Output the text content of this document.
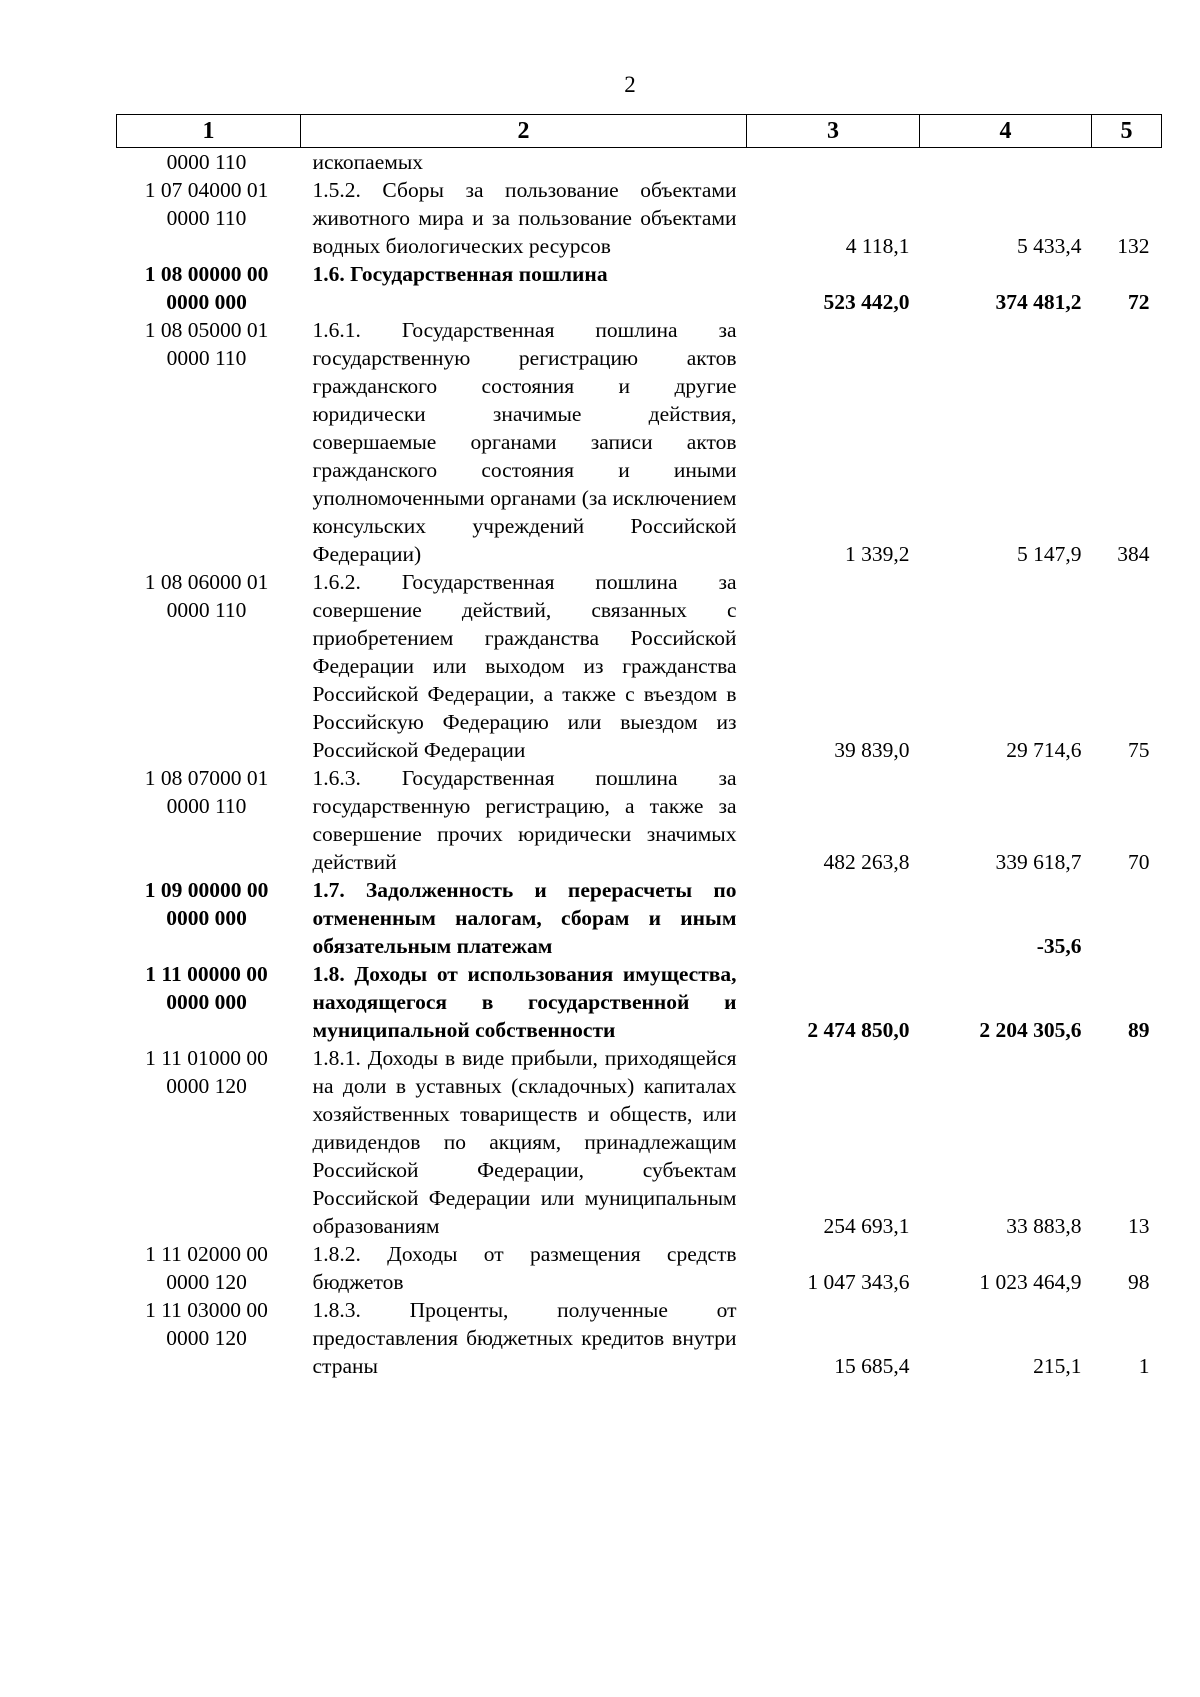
2
1	2	3	4	5

0000 110	ископаемых			

1 07 04000 01
0000 110	1.5.2. Сборы за пользование объектами животного мира и за пользование объектами водных биологических ресурсов	4 118,1	5 433,4	132

1 08 00000 00
0000 000	1.6. Государственная пошлина	523 442,0	374 481,2	72

1 08 05000 01
0000 110	1.6.1. Государственная пошлина за государственную регистрацию актов гражданского состояния и другие юридически значимые действия, совершаемые органами записи актов гражданского состояния и иными уполномоченными органами (за исключением консульских учреждений Российской Федерации)	1 339,2	5 147,9	384

1 08 06000 01
0000 110	1.6.2. Государственная пошлина за совершение действий, связанных с приобретением гражданства Российской Федерации или выходом из гражданства Российской Федерации, а также с въездом в Российскую Федерацию или выездом из Российской Федерации	39 839,0	29 714,6	75

1 08 07000 01
0000 110	1.6.3. Государственная пошлина за государственную регистрацию, а также за совершение прочих юридически значимых действий	482 263,8	339 618,7	70

1 09 00000 00
0000 000	1.7. Задолженность и перерасчеты по отмененным налогам, сборам и иным обязательным платежам		-35,6	

1 11 00000 00
0000 000	1.8. Доходы от использования имущества, находящегося в государственной и муниципальной собственности	2 474 850,0	2 204 305,6	89

1 11 01000 00
0000 120	1.8.1. Доходы в виде прибыли, приходящейся на доли в уставных (складочных) капиталах хозяйственных товариществ и обществ, или дивидендов по акциям, принадлежащим Российской Федерации, субъектам Российской Федерации или муниципальным образованиям	254 693,1	33 883,8	13

1 11 02000 00
0000 120	1.8.2. Доходы от размещения средств бюджетов	1 047 343,6	1 023 464,9	98

1 11 03000 00
0000 120	1.8.3. Проценты, полученные от предоставления бюджетных кредитов внутри страны	15 685,4	215,1	1
